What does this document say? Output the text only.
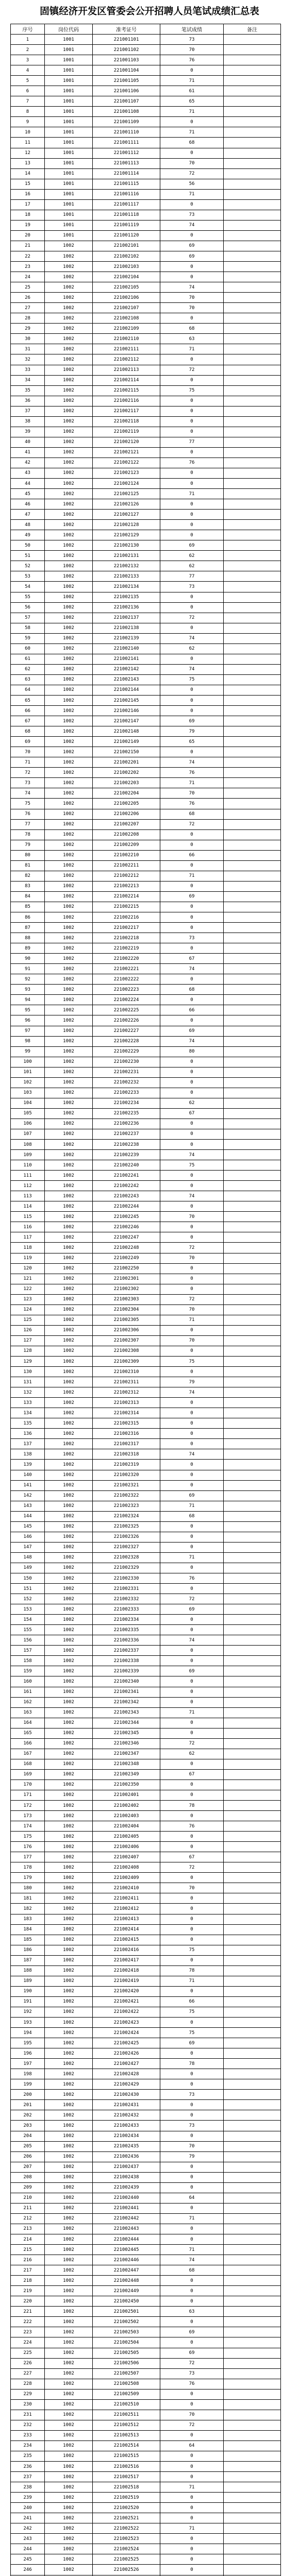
固镇经济开发区管委会公开招聘人员笔试成绩汇总表
序号	岗位代码	准考证号	笔试成绩	备注
1	1001	221001101	73	
2	1001	221001102	70	
3	1001	221001103	76	
4	1001	221001104	0	
5	1001	221001105	71	
6	1001	221001106	61	
7	1001	221001107	65	
8	1001	221001108	71	
9	1001	221001109	0	
10	1001	221001110	71	
11	1001	221001111	68	
12	1001	221001112	0	
13	1001	221001113	70	
14	1001	221001114	72	
15	1001	221001115	56	
16	1001	221001116	71	
17	1001	221001117	0	
18	1001	221001118	73	
19	1001	221001119	74	
20	1001	221001120	0	
21	1002	221002101	69	
22	1002	221002102	69	
23	1002	221002103	0	
24	1002	221002104	0	
25	1002	221002105	74	
26	1002	221002106	70	
27	1002	221002107	70	
28	1002	221002108	0	
29	1002	221002109	68	
30	1002	221002110	63	
31	1002	221002111	71	
32	1002	221002112	0	
33	1002	221002113	72	
34	1002	221002114	0	
35	1002	221002115	75	
36	1002	221002116	0	
37	1002	221002117	0	
38	1002	221002118	0	
39	1002	221002119	0	
40	1002	221002120	77	
41	1002	221002121	0	
42	1002	221002122	76	
43	1002	221002123	0	
44	1002	221002124	0	
45	1002	221002125	71	
46	1002	221002126	0	
47	1002	221002127	0	
48	1002	221002128	0	
49	1002	221002129	0	
50	1002	221002130	69	
51	1002	221002131	62	
52	1002	221002132	62	
53	1002	221002133	77	
54	1002	221002134	73	
55	1002	221002135	0	
56	1002	221002136	0	
57	1002	221002137	72	
58	1002	221002138	0	
59	1002	221002139	74	
60	1002	221002140	62	
61	1002	221002141	0	
62	1002	221002142	74	
63	1002	221002143	75	
64	1002	221002144	0	
65	1002	221002145	0	
66	1002	221002146	0	
67	1002	221002147	69	
68	1002	221002148	79	
69	1002	221002149	65	
70	1002	221002150	0	
71	1002	221002201	74	
72	1002	221002202	76	
73	1002	221002203	71	
74	1002	221002204	70	
75	1002	221002205	76	
76	1002	221002206	68	
77	1002	221002207	72	
78	1002	221002208	0	
79	1002	221002209	0	
80	1002	221002210	66	
81	1002	221002211	0	
82	1002	221002212	71	
83	1002	221002213	0	
84	1002	221002214	69	
85	1002	221002215	0	
86	1002	221002216	0	
87	1002	221002217	0	
88	1002	221002218	73	
89	1002	221002219	0	
90	1002	221002220	67	
91	1002	221002221	74	
92	1002	221002222	0	
93	1002	221002223	68	
94	1002	221002224	0	
95	1002	221002225	66	
96	1002	221002226	0	
97	1002	221002227	69	
98	1002	221002228	74	
99	1002	221002229	80	
100	1002	221002230	0	
101	1002	221002231	0	
102	1002	221002232	0	
103	1002	221002233	0	
104	1002	221002234	62	
105	1002	221002235	67	
106	1002	221002236	0	
107	1002	221002237	0	
108	1002	221002238	0	
109	1002	221002239	74	
110	1002	221002240	75	
111	1002	221002241	0	
112	1002	221002242	0	
113	1002	221002243	74	
114	1002	221002244	0	
115	1002	221002245	70	
116	1002	221002246	0	
117	1002	221002247	0	
118	1002	221002248	72	
119	1002	221002249	70	
120	1002	221002250	0	
121	1002	221002301	0	
122	1002	221002302	0	
123	1002	221002303	72	
124	1002	221002304	70	
125	1002	221002305	71	
126	1002	221002306	0	
127	1002	221002307	70	
128	1002	221002308	0	
129	1002	221002309	75	
130	1002	221002310	0	
131	1002	221002311	79	
132	1002	221002312	74	
133	1002	221002313	0	
134	1002	221002314	0	
135	1002	221002315	0	
136	1002	221002316	0	
137	1002	221002317	0	
138	1002	221002318	74	
139	1002	221002319	0	
140	1002	221002320	0	
141	1002	221002321	0	
142	1002	221002322	69	
143	1002	221002323	71	
144	1002	221002324	68	
145	1002	221002325	0	
146	1002	221002326	0	
147	1002	221002327	0	
148	1002	221002328	71	
149	1002	221002329	0	
150	1002	221002330	76	
151	1002	221002331	0	
152	1002	221002332	72	
153	1002	221002333	69	
154	1002	221002334	0	
155	1002	221002335	0	
156	1002	221002336	74	
157	1002	221002337	0	
158	1002	221002338	0	
159	1002	221002339	69	
160	1002	221002340	0	
161	1002	221002341	0	
162	1002	221002342	0	
163	1002	221002343	71	
164	1002	221002344	0	
165	1002	221002345	0	
166	1002	221002346	72	
167	1002	221002347	62	
168	1002	221002348	0	
169	1002	221002349	67	
170	1002	221002350	0	
171	1002	221002401	0	
172	1002	221002402	78	
173	1002	221002403	0	
174	1002	221002404	76	
175	1002	221002405	0	
176	1002	221002406	0	
177	1002	221002407	67	
178	1002	221002408	72	
179	1002	221002409	0	
180	1002	221002410	70	
181	1002	221002411	0	
182	1002	221002412	0	
183	1002	221002413	0	
184	1002	221002414	0	
185	1002	221002415	0	
186	1002	221002416	75	
187	1002	221002417	0	
188	1002	221002418	78	
189	1002	221002419	71	
190	1002	221002420	0	
191	1002	221002421	66	
192	1002	221002422	75	
193	1002	221002423	0	
194	1002	221002424	75	
195	1002	221002425	69	
196	1002	221002426	0	
197	1002	221002427	78	
198	1002	221002428	0	
199	1002	221002429	0	
200	1002	221002430	73	
201	1002	221002431	0	
202	1002	221002432	0	
203	1002	221002433	73	
204	1002	221002434	0	
205	1002	221002435	70	
206	1002	221002436	79	
207	1002	221002437	0	
208	1002	221002438	0	
209	1002	221002439	0	
210	1002	221002440	64	
211	1002	221002441	0	
212	1002	221002442	71	
213	1002	221002443	0	
214	1002	221002444	0	
215	1002	221002445	71	
216	1002	221002446	74	
217	1002	221002447	68	
218	1002	221002448	0	
219	1002	221002449	0	
220	1002	221002450	0	
221	1002	221002501	63	
222	1002	221002502	0	
223	1002	221002503	69	
224	1002	221002504	0	
225	1002	221002505	69	
226	1002	221002506	72	
227	1002	221002507	73	
228	1002	221002508	76	
229	1002	221002509	0	
230	1002	221002510	0	
231	1002	221002511	70	
232	1002	221002512	72	
233	1002	221002513	0	
234	1002	221002514	64	
235	1002	221002515	0	
236	1002	221002516	0	
237	1002	221002517	0	
238	1002	221002518	71	
239	1002	221002519	0	
240	1002	221002520	0	
241	1002	221002521	0	
242	1002	221002522	71	
243	1002	221002523	0	
244	1002	221002524	0	
245	1002	221002525	0	
246	1002	221002526	0	
